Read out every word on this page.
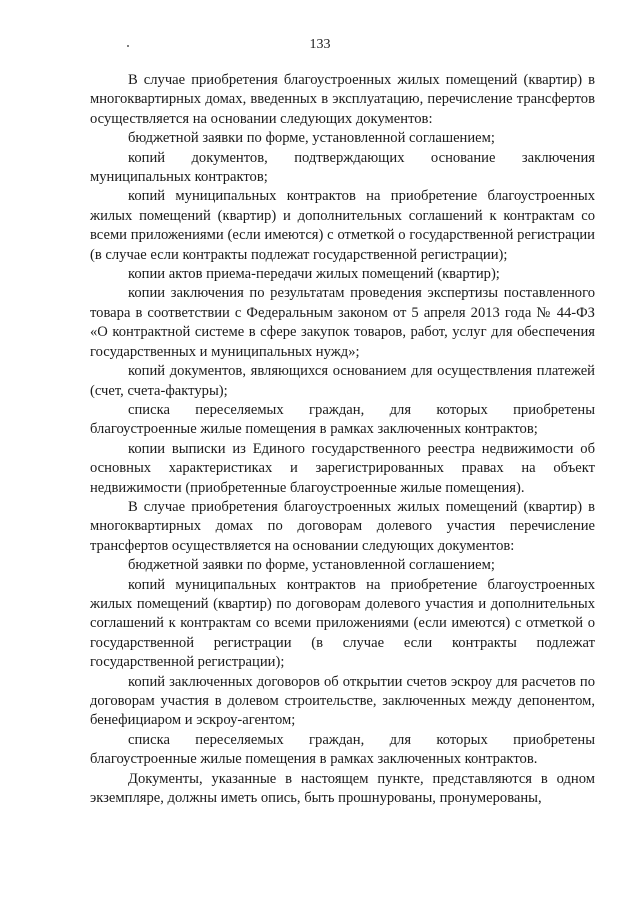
133

В случае приобретения благоустроенных жилых помещений (квартир) в многоквартирных домах, введенных в эксплуатацию, перечисление трансфертов осуществляется на основании следующих документов:

бюджетной заявки по форме, установленной соглашением;

копий документов, подтверждающих основание заключения муниципальных контрактов;

копий муниципальных контрактов на приобретение благоустроенных жилых помещений (квартир) и дополнительных соглашений к контрактам со всеми приложениями (если имеются) с отметкой о государственной регистрации (в случае если контракты подлежат государственной регистрации);

копии актов приема-передачи жилых помещений (квартир);

копии заключения по результатам проведения экспертизы поставленного товара в соответствии с Федеральным законом от 5 апреля 2013 года № 44-ФЗ «О контрактной системе в сфере закупок товаров, работ, услуг для обеспечения государственных и муниципальных нужд»;

копий документов, являющихся основанием для осуществления платежей (счет, счета-фактуры);

списка переселяемых граждан, для которых приобретены благоустроенные жилые помещения в рамках заключенных контрактов;

копии выписки из Единого государственного реестра недвижимости об основных характеристиках и зарегистрированных правах на объект недвижимости (приобретенные благоустроенные жилые помещения).

В случае приобретения благоустроенных жилых помещений (квартир) в многоквартирных домах по договорам долевого участия перечисление трансфертов осуществляется на основании следующих документов:

бюджетной заявки по форме, установленной соглашением;

копий муниципальных контрактов на приобретение благоустроенных жилых помещений (квартир) по договорам долевого участия и дополнительных соглашений к контрактам со всеми приложениями (если имеются) с отметкой о государственной регистрации (в случае если контракты подлежат государственной регистрации);

копий заключенных договоров об открытии счетов эскроу для расчетов по договорам участия в долевом строительстве, заключенных между депонентом, бенефициаром и эскроу-агентом;

списка переселяемых граждан, для которых приобретены благоустроенные жилые помещения в рамках заключенных контрактов.

Документы, указанные в настоящем пункте, представляются в одном экземпляре, должны иметь опись, быть прошнурованы, пронумерованы,
